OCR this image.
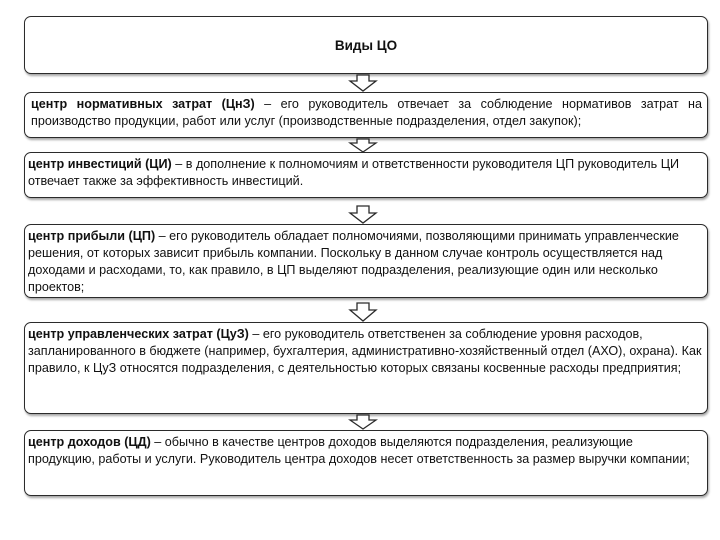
Виды ЦО
центр нормативных затрат (ЦнЗ) – его руководитель отвечает за соблюдение нормативов затрат на производство продукции, работ или услуг (производственные подразделения, отдел закупок);
центр инвестиций (ЦИ) – в дополнение к полномочиям и ответственности руководителя ЦП руководитель ЦИ отвечает также за эффективность инвестиций.
центр прибыли (ЦП) – его руководитель обладает полномочиями, позволяющими принимать управленческие решения, от которых зависит прибыль компании. Поскольку в данном случае контроль осуществляется над доходами и расходами, то, как правило, в ЦП выделяют подразделения, реализующие один или несколько проектов;
центр управленческих затрат (ЦуЗ) – его руководитель ответственен за соблюдение уровня расходов, запланированного в бюджете (например, бухгалтерия, административно-хозяйственный отдел (АХО), охрана). Как правило, к ЦуЗ относятся подразделения, с деятельностью которых связаны косвенные расходы предприятия;
центр доходов (ЦД) – обычно в качестве центров доходов выделяются подразделения, реализующие продукцию, работы и услуги. Руководитель центра доходов несет ответственность за размер выручки компании;
